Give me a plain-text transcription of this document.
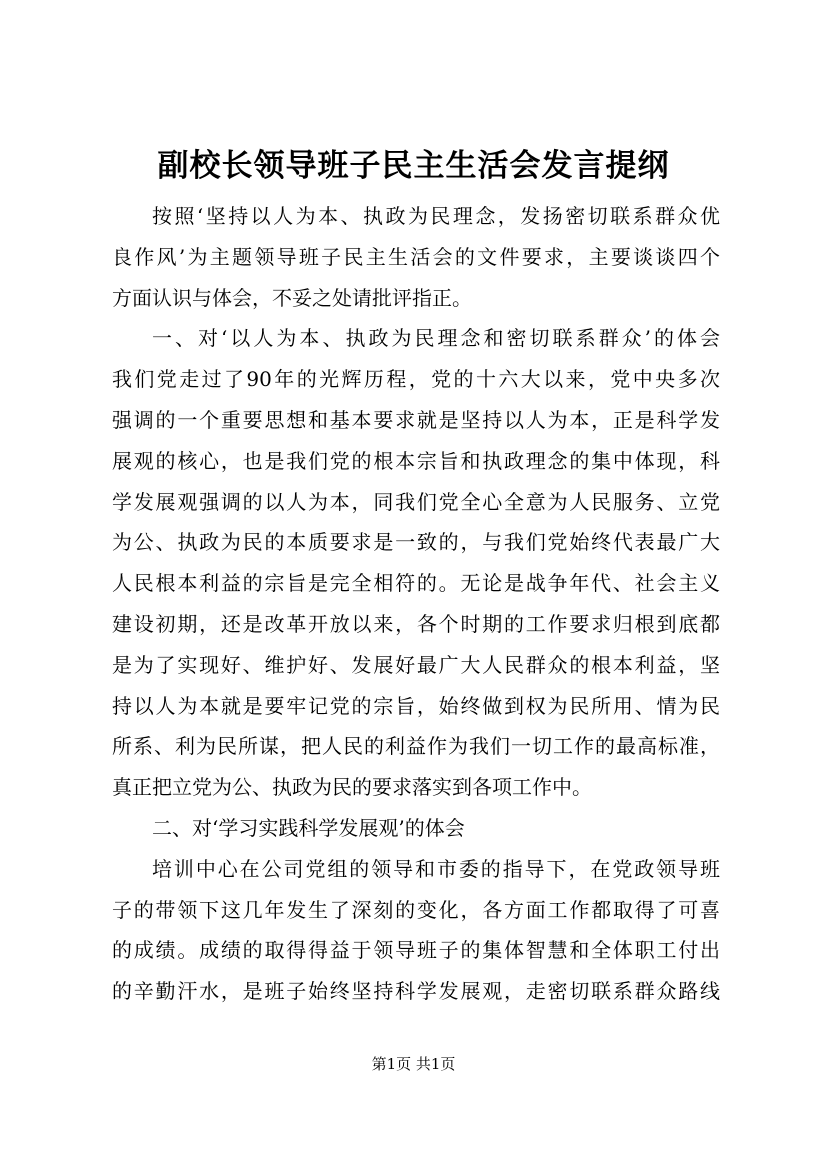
副校长领导班子民主生活会发言提纲
按照‘坚持以人为本、执政为民理念，发扬密切联系群众优
良作风’为主题领导班子民主生活会的文件要求，主要谈谈四个
方面认识与体会，不妥之处请批评指正。
一、对‘以人为本、执政为民理念和密切联系群众’的体会
我们党走过了90年的光辉历程，党的十六大以来，党中央多次
强调的一个重要思想和基本要求就是坚持以人为本，正是科学发
展观的核心，也是我们党的根本宗旨和执政理念的集中体现，科
学发展观强调的以人为本，同我们党全心全意为人民服务、立党
为公、执政为民的本质要求是一致的，与我们党始终代表最广大
人民根本利益的宗旨是完全相符的。无论是战争年代、社会主义
建设初期，还是改革开放以来，各个时期的工作要求归根到底都
是为了实现好、维护好、发展好最广大人民群众的根本利益，坚
持以人为本就是要牢记党的宗旨，始终做到权为民所用、情为民
所系、利为民所谋，把人民的利益作为我们一切工作的最高标准，
真正把立党为公、执政为民的要求落实到各项工作中。
二、对‘学习实践科学发展观’的体会
培训中心在公司党组的领导和市委的指导下，在党政领导班
子的带领下这几年发生了深刻的变化，各方面工作都取得了可喜
的成绩。成绩的取得得益于领导班子的集体智慧和全体职工付出
的辛勤汗水，是班子始终坚持科学发展观，走密切联系群众路线
第1页 共1页
